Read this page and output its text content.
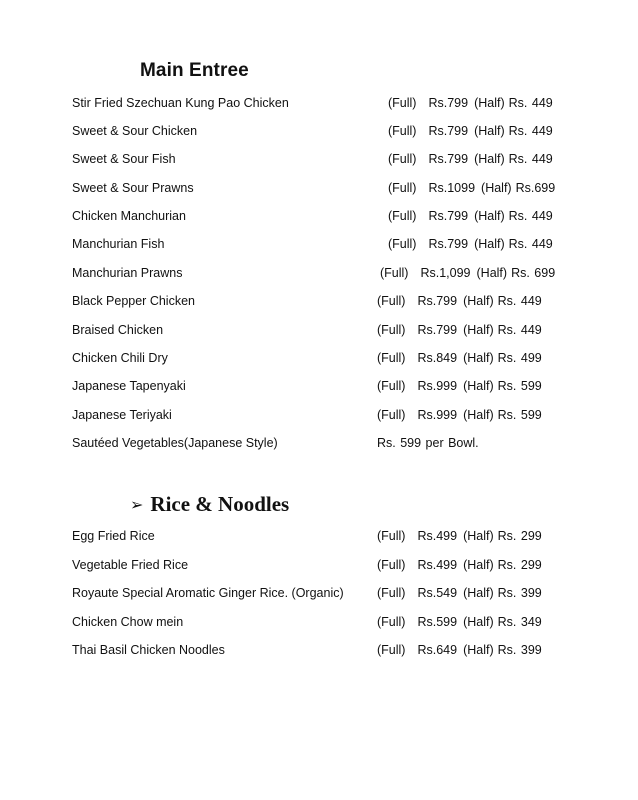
Main Entree
Stir Fried Szechuan Kung Pao Chicken	(Full) Rs.799 (Half) Rs. 449
Sweet & Sour Chicken	(Full) Rs.799 (Half) Rs. 449
Sweet & Sour Fish	(Full) Rs.799 (Half) Rs. 449
Sweet & Sour Prawns	(Full) Rs.1099 (Half) Rs.699
Chicken Manchurian	(Full) Rs.799 (Half) Rs. 449
Manchurian Fish	(Full) Rs.799 (Half) Rs. 449
Manchurian Prawns	(Full) Rs.1,099 (Half) Rs. 699
Black Pepper Chicken	(Full) Rs.799 (Half) Rs. 449
Braised Chicken	(Full) Rs.799 (Half) Rs. 449
Chicken Chili Dry	(Full) Rs.849 (Half) Rs. 499
Japanese Tapenyaki	(Full) Rs.999 (Half) Rs. 599
Japanese Teriyaki	(Full) Rs.999 (Half) Rs. 599
Sautéed Vegetables(Japanese Style)	Rs. 599 per Bowl.
➢ Rice & Noodles
Egg Fried Rice	(Full) Rs.499 (Half) Rs. 299
Vegetable Fried Rice	(Full) Rs.499 (Half) Rs. 299
Royaute Special Aromatic Ginger Rice. (Organic)	(Full) Rs.549 (Half) Rs. 399
Chicken Chow mein	(Full) Rs.599 (Half) Rs. 349
Thai Basil Chicken Noodles	(Full) Rs.649 (Half) Rs. 399
